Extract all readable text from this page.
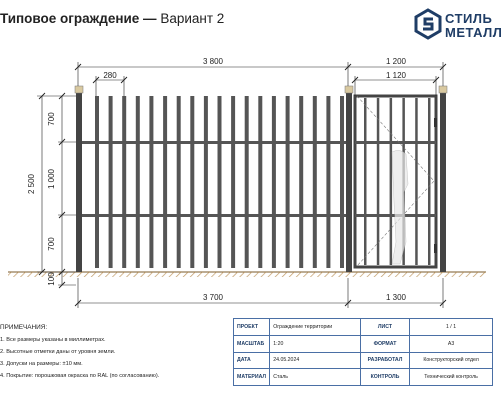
3 800	1 200
1 120
280
2 500
700
1 000
700
100
3 700	1 300
Типовое ограждение — Вариант 2	СТИЛЬ
МЕТАЛЛ
ПРИМЕЧАНИЯ:
1. Все размеры указаны в миллиметрах.
2. Высотные отметки даны от уровня земли.
3. Допуски на размеры: ±10 мм.
4. Покрытие: порошковая окраска по RAL (по согласованию).
ПРОЕКТ	Ограждение территории	ЛИСТ	1 / 1
МАСШТАБ	1:20	ФОРМАТ	А3
ДАТА	24.05.2024	РАЗРАБОТАЛ	Конструкторский отдел
МАТЕРИАЛ	Сталь	КОНТРОЛЬ	Технический контроль
